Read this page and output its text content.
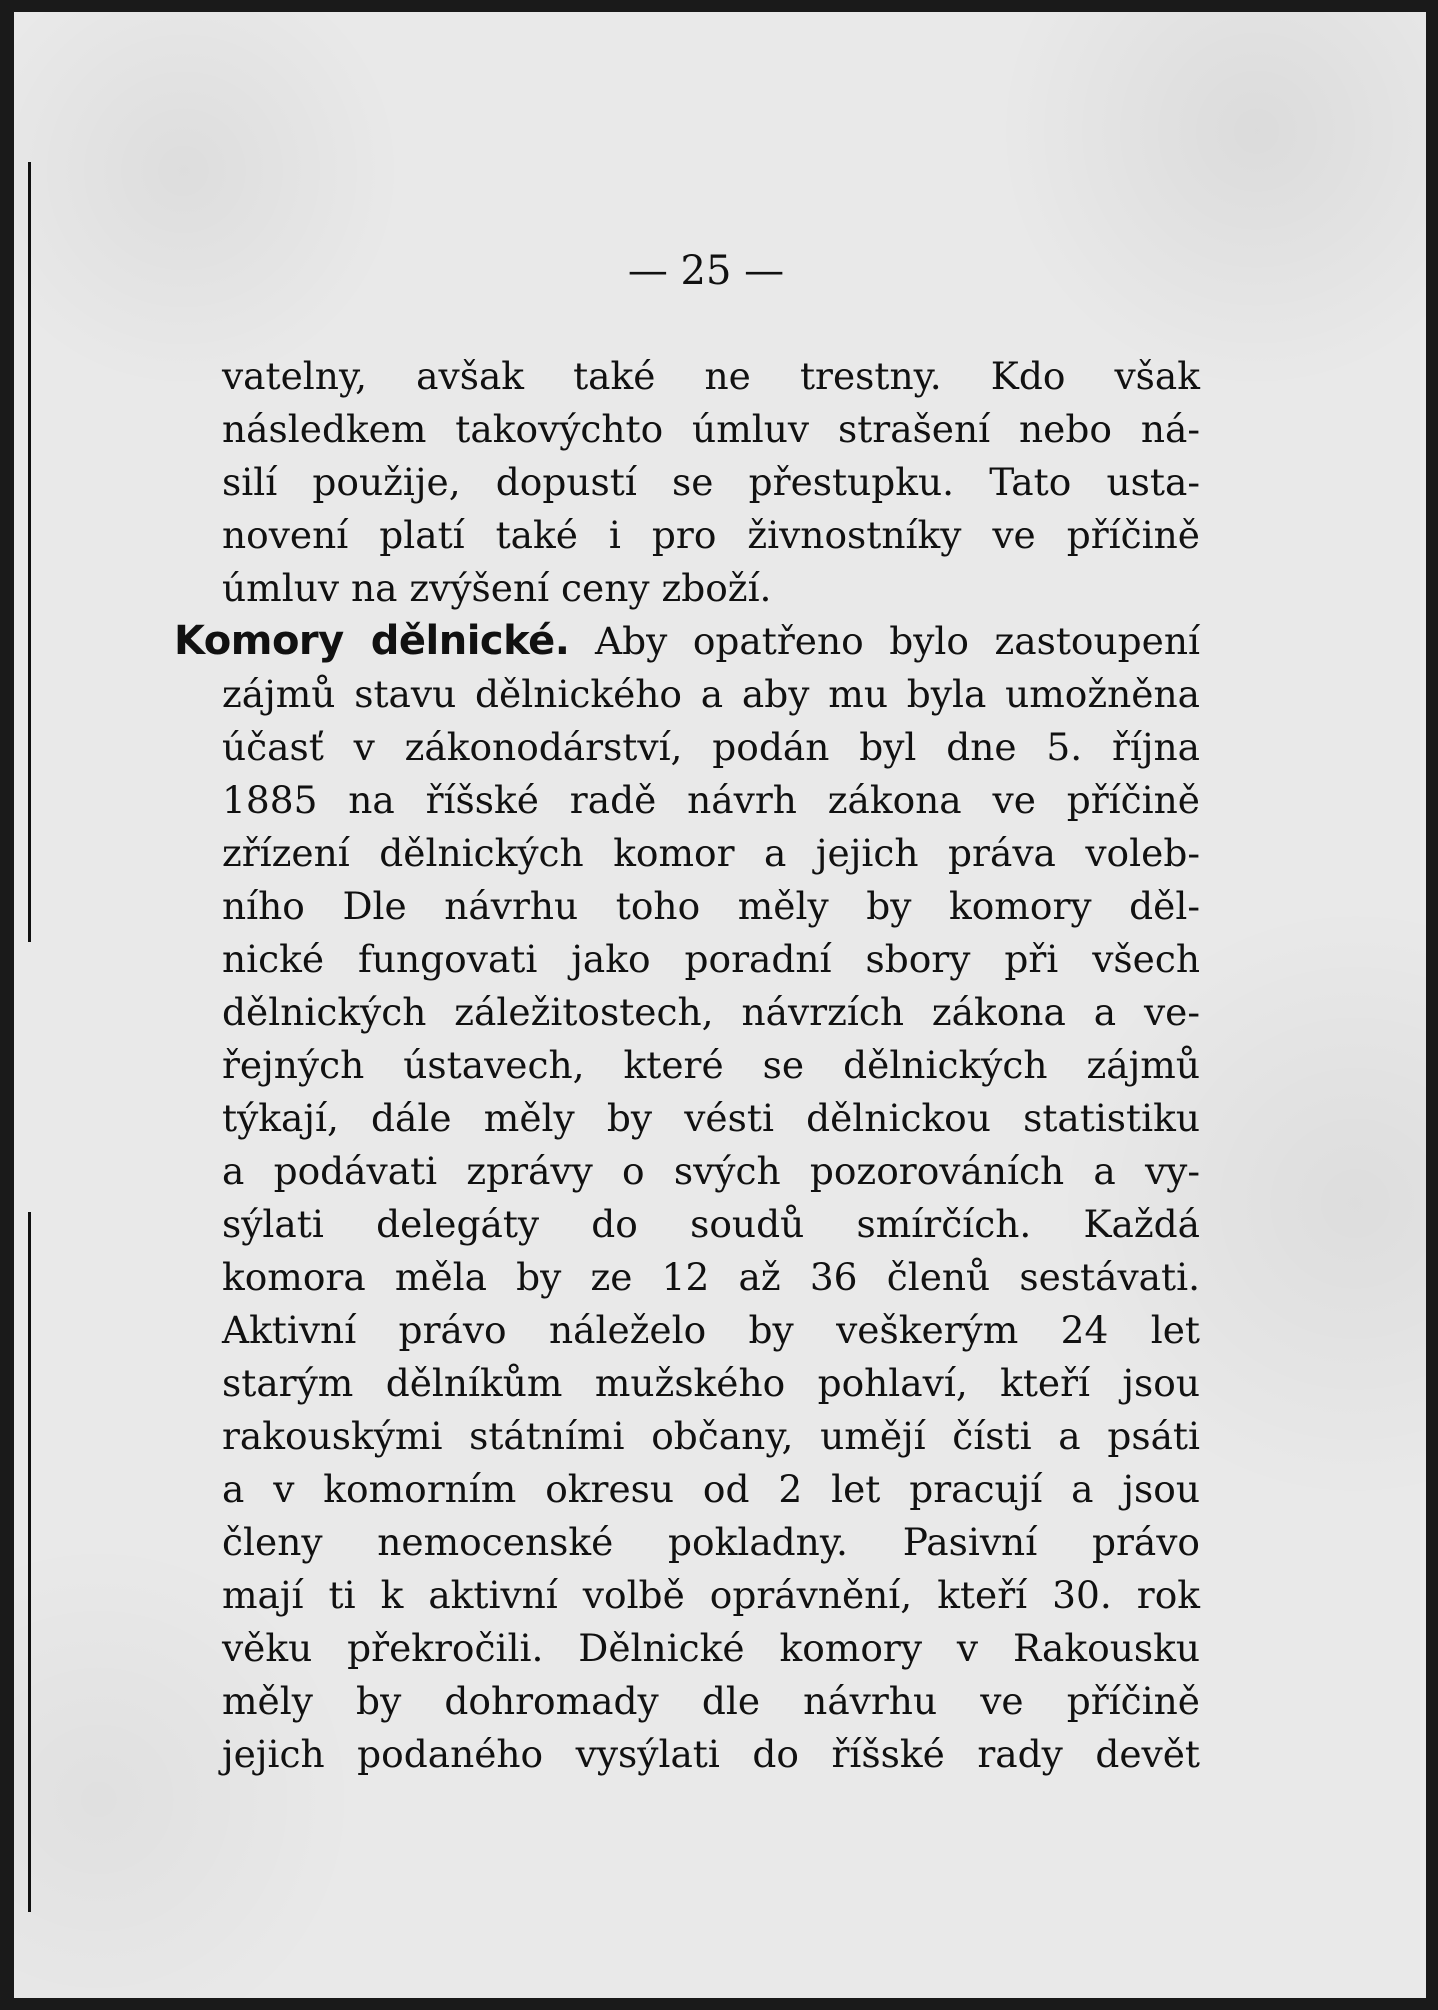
— 25 —
vatelny, avšak také ne trestny. Kdo však
následkem takovýchto úmluv strašení nebo ná-
silí použije, dopustí se přestupku. Tato usta-
novení platí také i pro živnostníky ve příčině
úmluv na zvýšení ceny zboží.
Komory dělnické. Aby opatřeno bylo zastoupení
zájmů stavu dělnického a aby mu byla umožněna
účasť v zákonodárství, podán byl dne 5. října
1885 na říšské radě návrh zákona ve příčině
zřízení dělnických komor a jejich práva voleb-
ního Dle návrhu toho měly by komory děl-
nické fungovati jako poradní sbory při všech
dělnických záležitostech, návrzích zákona a ve-
řejných ústavech, které se dělnických zájmů
týkají, dále měly by vésti dělnickou statistiku
a podávati zprávy o svých pozorováních a vy-
sýlati delegáty do soudů smírčích. Každá
komora měla by ze 12 až 36 členů sestávati.
Aktivní právo náleželo by veškerým 24 let
starým dělníkům mužského pohlaví, kteří jsou
rakouskými státními občany, umějí čísti a psáti
a v komorním okresu od 2 let pracují a jsou
členy nemocenské pokladny. Pasivní právo
mají ti k aktivní volbě oprávnění, kteří 30. rok
věku překročili. Dělnické komory v Rakousku
měly by dohromady dle návrhu ve příčině
jejich podaného vysýlati do říšské rady devět
